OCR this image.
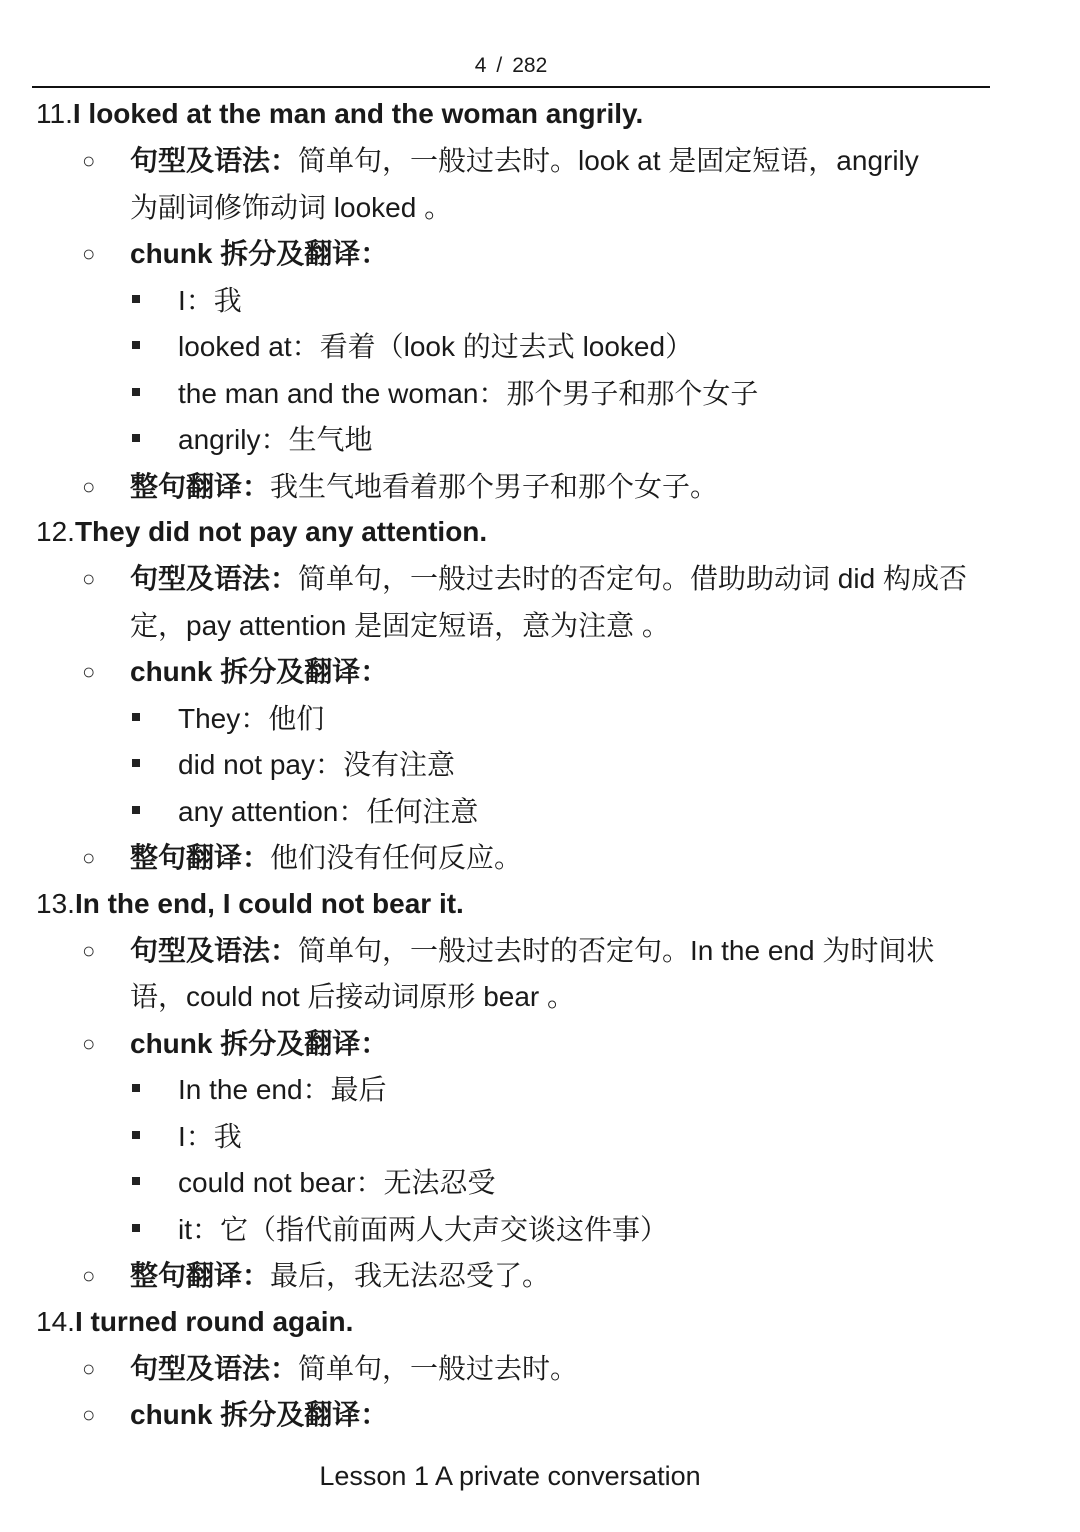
4 / 282
11.I looked at the man and the woman angrily.
○ 句型及语法：简单句，一般过去时。look at 是固定短语，angrily 为副词修饰动词 looked 。
○ chunk 拆分及翻译：
I：我
looked at：看着（look 的过去式 looked）
the man and the woman：那个男子和那个女子
angrily：生气地
○ 整句翻译：我生气地看着那个男子和那个女子。
12.They did not pay any attention.
○ 句型及语法：简单句，一般过去时的否定句。借助助动词 did 构成否定，pay attention 是固定短语，意为注意 。
○ chunk 拆分及翻译：
They：他们
did not pay：没有注意
any attention：任何注意
○ 整句翻译：他们没有任何反应。
13.In the end, I could not bear it.
○ 句型及语法：简单句，一般过去时的否定句。In the end 为时间状语，could not 后接动词原形 bear 。
○ chunk 拆分及翻译：
In the end：最后
I：我
could not bear：无法忍受
it：它（指代前面两人大声交谈这件事）
○ 整句翻译：最后，我无法忍受了。
14.I turned round again.
○ 句型及语法：简单句，一般过去时。
○ chunk 拆分及翻译：
Lesson 1 A private conversation
